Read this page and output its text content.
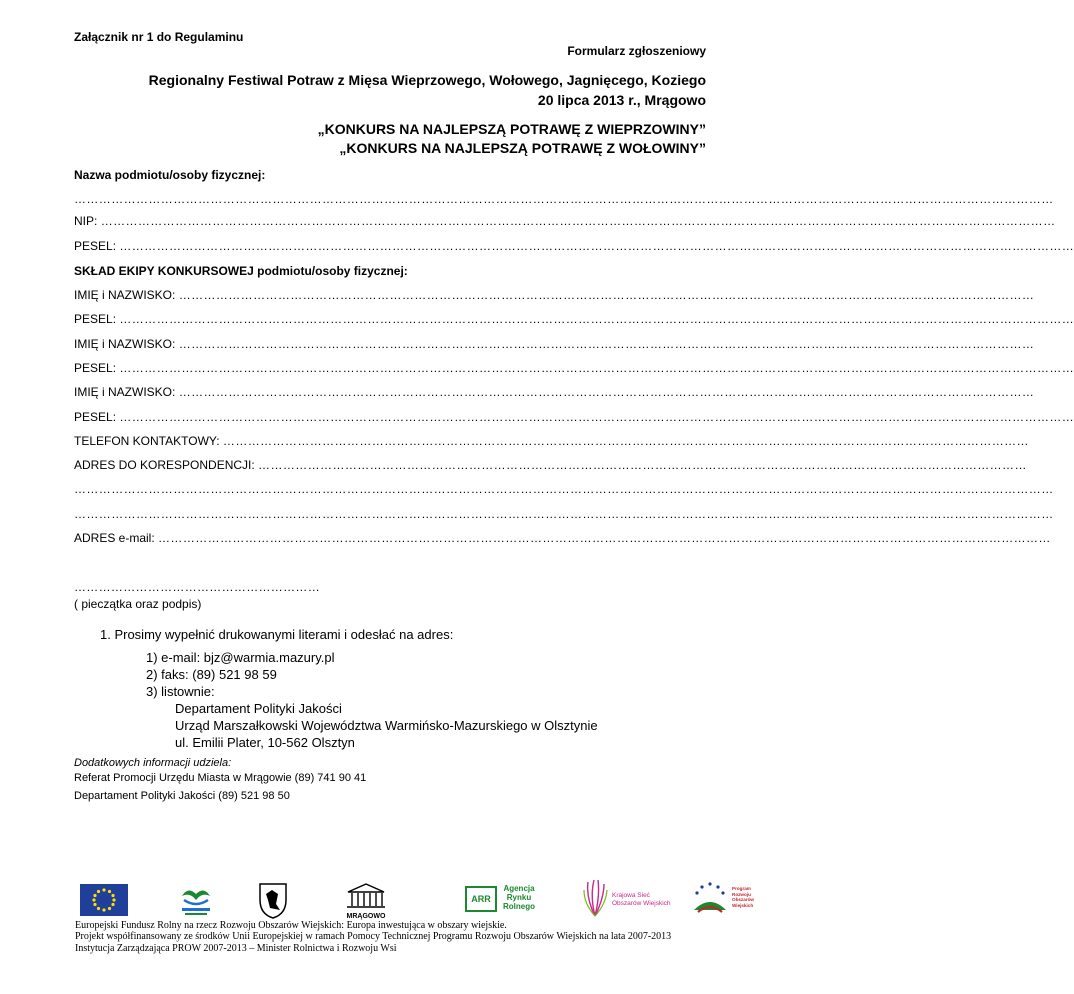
Załącznik nr 1 do Regulaminu
Formularz zgłoszeniowy
Regionalny Festiwal Potraw z Mięsa Wieprzowego, Wołowego, Jagnięcego, Koziego
20 lipca 2013 r., Mrągowo
„KONKURS NA NAJLEPSZĄ POTRAWĘ Z WIEPRZOWINY”
„KONKURS NA NAJLEPSZĄ POTRAWĘ Z WOŁOWINY”
Nazwa podmiotu/osoby fizycznej:
…………………………………………………………………………………………………………………………………………………………………………………………………………………
NIP: ……………………………………………………………………………………………………………………………………………………………………………………………………………
PESEL: ……………………………………………………………………………………………………………………………………………………………………………………………………………
SKŁAD EKIPY KONKURSOWEJ podmiotu/osoby fizycznej:
IMIĘ i NAZWISKO: ………………………………………………………………………………………………………………………………………………………………………………………
PESEL: ……………………………………………………………………………………………………………………………………………………………………………………………………………
IMIĘ i NAZWISKO: ………………………………………………………………………………………………………………………………………………………………………………………
PESEL: ……………………………………………………………………………………………………………………………………………………………………………………………………………
IMIĘ i NAZWISKO: ………………………………………………………………………………………………………………………………………………………………………………………
PESEL: ……………………………………………………………………………………………………………………………………………………………………………………………………………
TELEFON KONTAKTOWY: ……………………………………………………………………………………………………………………………………………………………………………
ADRES DO KORESPONDENCJI: ……………………………………………………………………………………………………………………………………………………………………
…………………………………………………………………………………………………………………………………………………………………………………………………………………
…………………………………………………………………………………………………………………………………………………………………………………………………………………
ADRES e-mail: ………………………………………………………………………………………………………………………………………………………………………………………………
……………………………………………………
( pieczątka oraz podpis)
1. Prosimy wypełnić drukowanymi literami i odesłać na adres:
1) e-mail: bjz@warmia.mazury.pl
2) faks: (89) 521 98 59
3) listownie:
Departament Polityki Jakości
Urząd Marszałkowski Województwa Warmińsko-Mazurskiego w Olsztynie
ul. Emilii Plater, 10-562 Olsztyn
Dodatkowych informacji udziela:
Referat Promocji Urzędu Miasta w Mrągowie (89) 741 90 41
Departament Polityki Jakości (89) 521 98 50
MRĄGOWO
ARR
Agencja Rynku Rolnego
Krajowa Sieć Obszarów Wiejskich
Program Rozwoju Obszarów Wiejskich
Europejski Fundusz Rolny na rzecz Rozwoju Obszarów Wiejskich: Europa inwestująca w obszary wiejskie.
Projekt współfinansowany ze środków Unii Europejskiej w ramach Pomocy Technicznej Programu Rozwoju Obszarów Wiejskich na lata 2007-2013
Instytucja Zarządzająca PROW 2007-2013 – Minister Rolnictwa i Rozwoju Wsi
